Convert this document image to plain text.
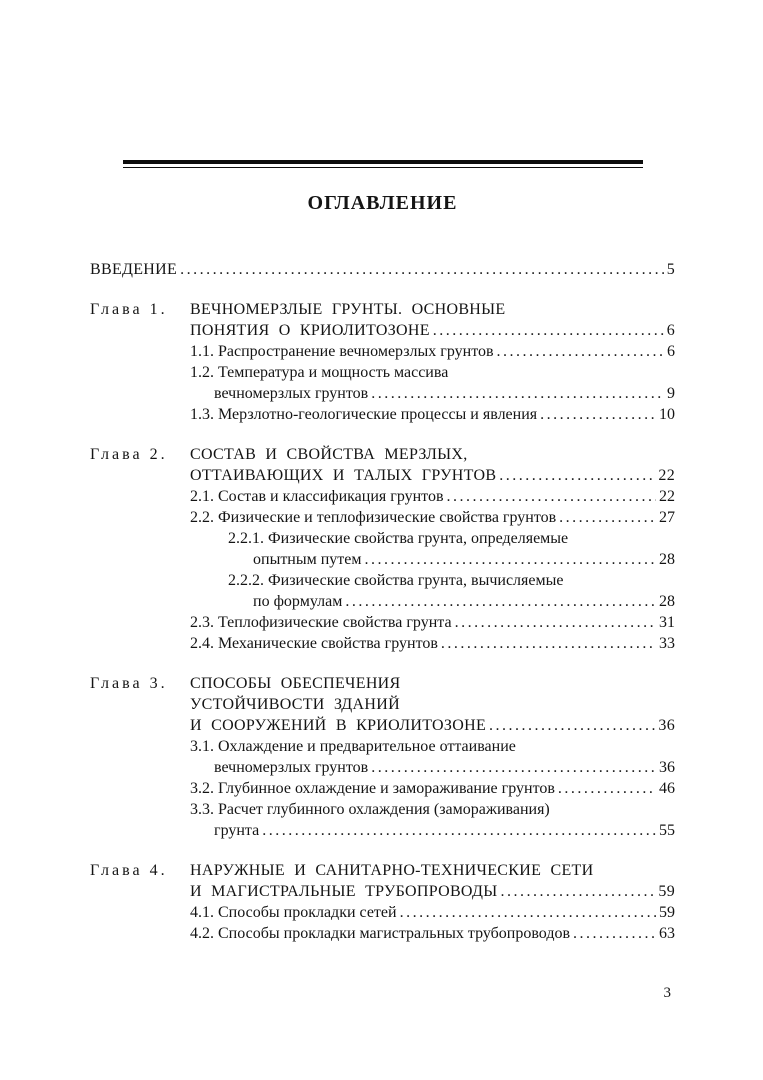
ОГЛАВЛЕНИЕ
ВВЕДЕНИЕ .....	5
Глава 1.	ВЕЧНОМЕРЗЛЫЕ ГРУНТЫ. ОСНОВНЫЕ
ПОНЯТИЯ О КРИОЛИТОЗОНЕ .....	6
1.1. Распространение вечномерзлых грунтов .....	6
1.2. Температура и мощность массива
вечномерзлых грунтов .....	9
1.3. Мерзлотно-геологические процессы и явления .....	10
Глава 2.	СОСТАВ И СВОЙСТВА МЕРЗЛЫХ,
ОТТАИВАЮЩИХ И ТАЛЫХ ГРУНТОВ .....	22
2.1. Состав и классификация грунтов .....	22
2.2. Физические и теплофизические свойства грунтов .....	27
2.2.1. Физические свойства грунта, определяемые
опытным путем .....	28
2.2.2. Физические свойства грунта, вычисляемые
по формулам .....	28
2.3. Теплофизические свойства грунта .....	31
2.4. Механические свойства грунтов .....	33
Глава 3.	СПОСОБЫ ОБЕСПЕЧЕНИЯ
УСТОЙЧИВОСТИ ЗДАНИЙ
И СООРУЖЕНИЙ В КРИОЛИТОЗОНЕ .....	36
3.1. Охлаждение и предварительное оттаивание
вечномерзлых грунтов .....	36
3.2. Глубинное охлаждение и замораживание грунтов .....	46
3.3. Расчет глубинного охлаждения (замораживания)
грунта .....	55
Глава 4.	НАРУЖНЫЕ И САНИТАРНО-ТЕХНИЧЕСКИЕ СЕТИ
И МАГИСТРАЛЬНЫЕ ТРУБОПРОВОДЫ .....	59
4.1. Способы прокладки сетей .....	59
4.2. Способы прокладки магистральных трубопроводов .....	63
3
